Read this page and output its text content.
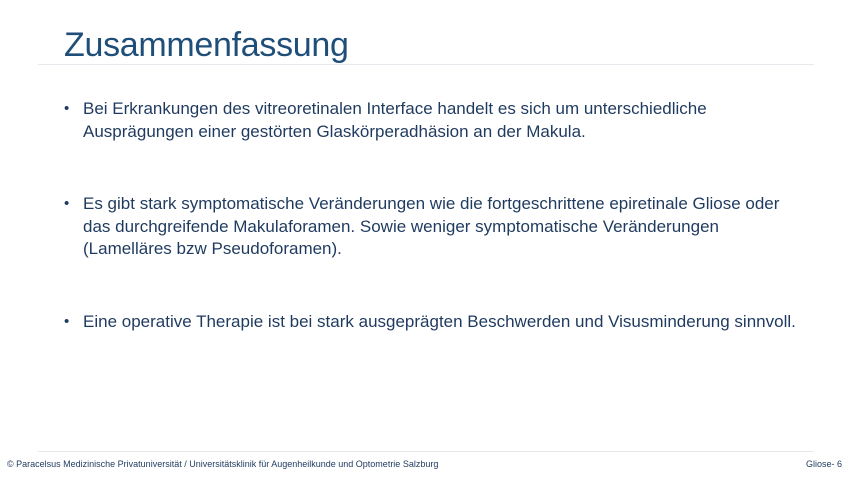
Zusammenfassung
• Bei Erkrankungen des vitreoretinalen Interface handelt es sich um unterschiedliche Ausprägungen einer gestörten Glaskörperadhäsion an der Makula.
• Es gibt stark symptomatische Veränderungen wie die fortgeschrittene epiretinale Gliose oder das durchgreifende Makulaforamen. Sowie weniger symptomatische Veränderungen (Lamelläres bzw Pseudoforamen).
• Eine operative Therapie ist bei stark ausgeprägten Beschwerden und Visusminderung sinnvoll.
© Paracelsus Medizinische Privatuniversität / Universitätsklinik für Augenheilkunde und Optometrie Salzburg	Gliose- 6
